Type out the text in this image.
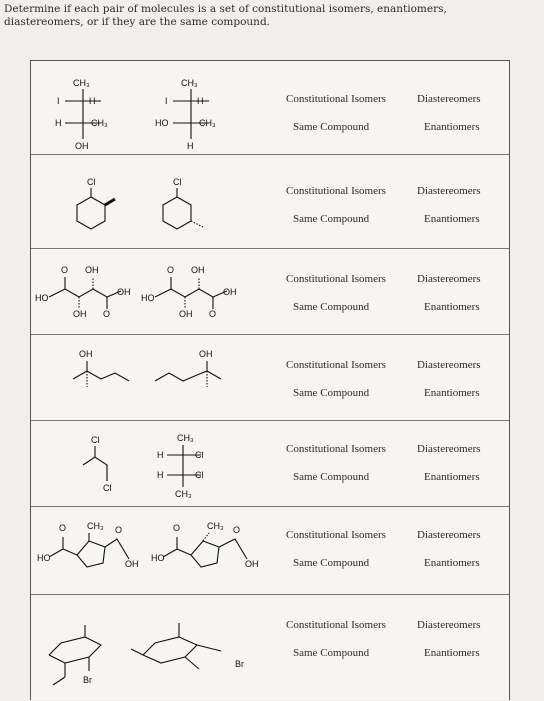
Determine if each pair of molecules is a set of constitutional isomers, enantiomers, diastereomers, or if they are the same compound.
CH₃
I	H
H	CH₃
OH
CH₃
I	H
HO	CH₃
H
Constitutional Isomers	Diastereomers
Same Compound	Enantiomers
Cl	Cl
Constitutional Isomers	Diastereomers
Same Compound	Enantiomers
HO
O OH
OH
OH O
HO
O OH
OH
OH O
Constitutional Isomers	Diastereomers
Same Compound	Enantiomers
OH	OH
Constitutional Isomers	Diastereomers
Same Compound	Enantiomers
Cl
Cl
CH₃
H	Cl
H	Cl
CH₃
Constitutional Isomers	Diastereomers
Same Compound	Enantiomers
HO
O CH₃ O
OH
HO
O	CH₃ O
OH
Constitutional Isomers	Diastereomers
Same Compound	Enantiomers
Br
Br
Constitutional Isomers	Diastereomers
Same Compound	Enantiomers
